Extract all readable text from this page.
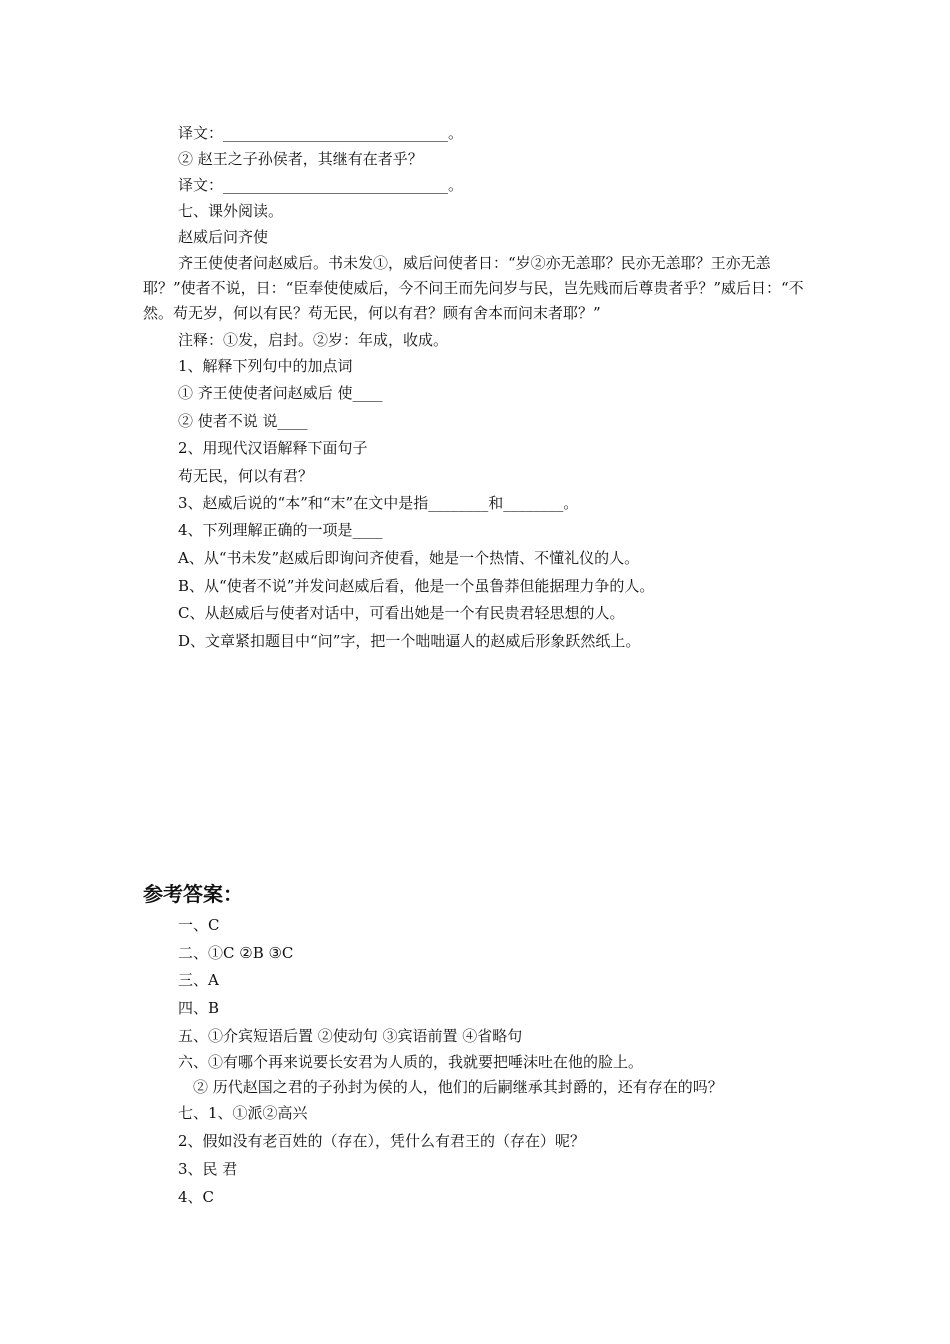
译文：______________________________。
② 赵王之子孙侯者，其继有在者乎？
译文：______________________________。
七、课外阅读。
赵威后问齐使
齐王使使者问赵威后。书未发①，威后问使者日：“岁②亦无恙耶？民亦无恙耶？王亦无恙耶？”使者不说，日：“臣奉使使威后，今不问王而先问岁与民，岂先贱而后尊贵者乎？”威后日：“不然。苟无岁，何以有民？苟无民，何以有君？顾有舍本而问末者耶？”
注释：①发，启封。②岁：年成，收成。
1、解释下列句中的加点词
① 齐王使使者问赵威后 使____
② 使者不说 说____
2、用现代汉语解释下面句子
苟无民，何以有君？
3、赵威后说的“本”和“末”在文中是指________和________。
4、下列理解正确的一项是____
A、从“书未发”赵威后即询问齐使看，她是一个热情、不懂礼仪的人。
B、从“使者不说”并发问赵威后看，他是一个虽鲁莽但能据理力争的人。
C、从赵威后与使者对话中，可看出她是一个有民贵君轻思想的人。
D、文章紧扣题目中“问”字，把一个咄咄逼人的赵威后形象跃然纸上。
参考答案：
一、C
二、①C ②B ③C
三、A
四、B
五、①介宾短语后置 ②使动句 ③宾语前置 ④省略句
六、①有哪个再来说要长安君为人质的，我就要把唾沫吐在他的脸上。
② 历代赵国之君的子孙封为侯的人，他们的后嗣继承其封爵的，还有存在的吗？
七、1、①派②高兴
2、假如没有老百姓的（存在），凭什么有君王的（存在）呢？
3、民 君
4、C
